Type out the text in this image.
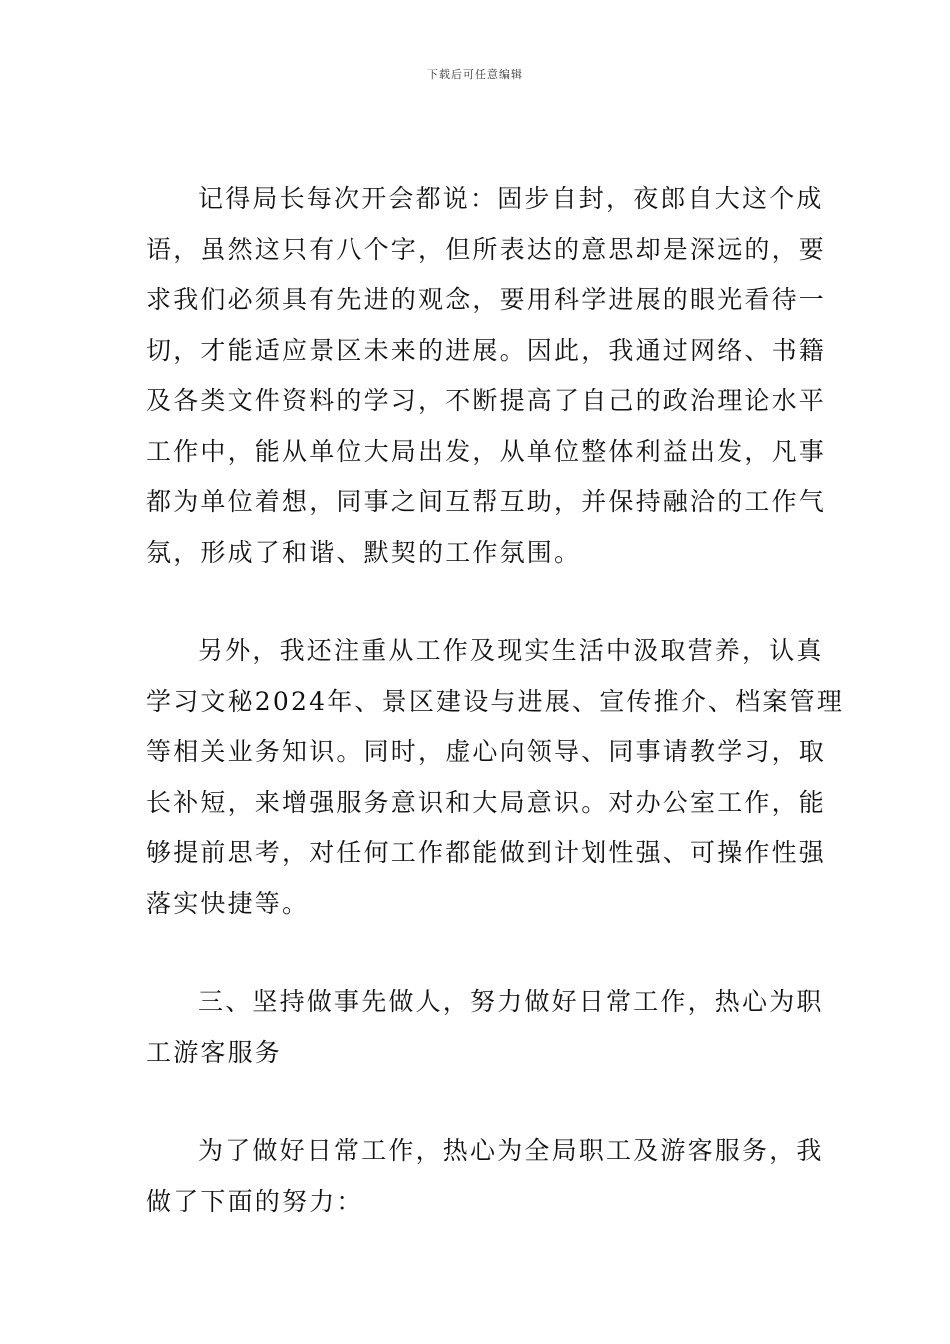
下载后可任意编辑
记得局长每次开会都说：固步自封，夜郎自大这个成
语，虽然这只有八个字，但所表达的意思却是深远的，要
求我们必须具有先进的观念，要用科学进展的眼光看待一
切，才能适应景区未来的进展。因此，我通过网络、书籍
及各类文件资料的学习，不断提高了自己的政治理论水平
工作中，能从单位大局出发，从单位整体利益出发，凡事
都为单位着想，同事之间互帮互助，并保持融洽的工作气
氛，形成了和谐、默契的工作氛围。
另外，我还注重从工作及现实生活中汲取营养，认真
学习文秘2024年、景区建设与进展、宣传推介、档案管理
等相关业务知识。同时，虚心向领导、同事请教学习，取
长补短，来增强服务意识和大局意识。对办公室工作，能
够提前思考，对任何工作都能做到计划性强、可操作性强
落实快捷等。
三、坚持做事先做人，努力做好日常工作，热心为职
工游客服务
为了做好日常工作，热心为全局职工及游客服务，我
做了下面的努力：
